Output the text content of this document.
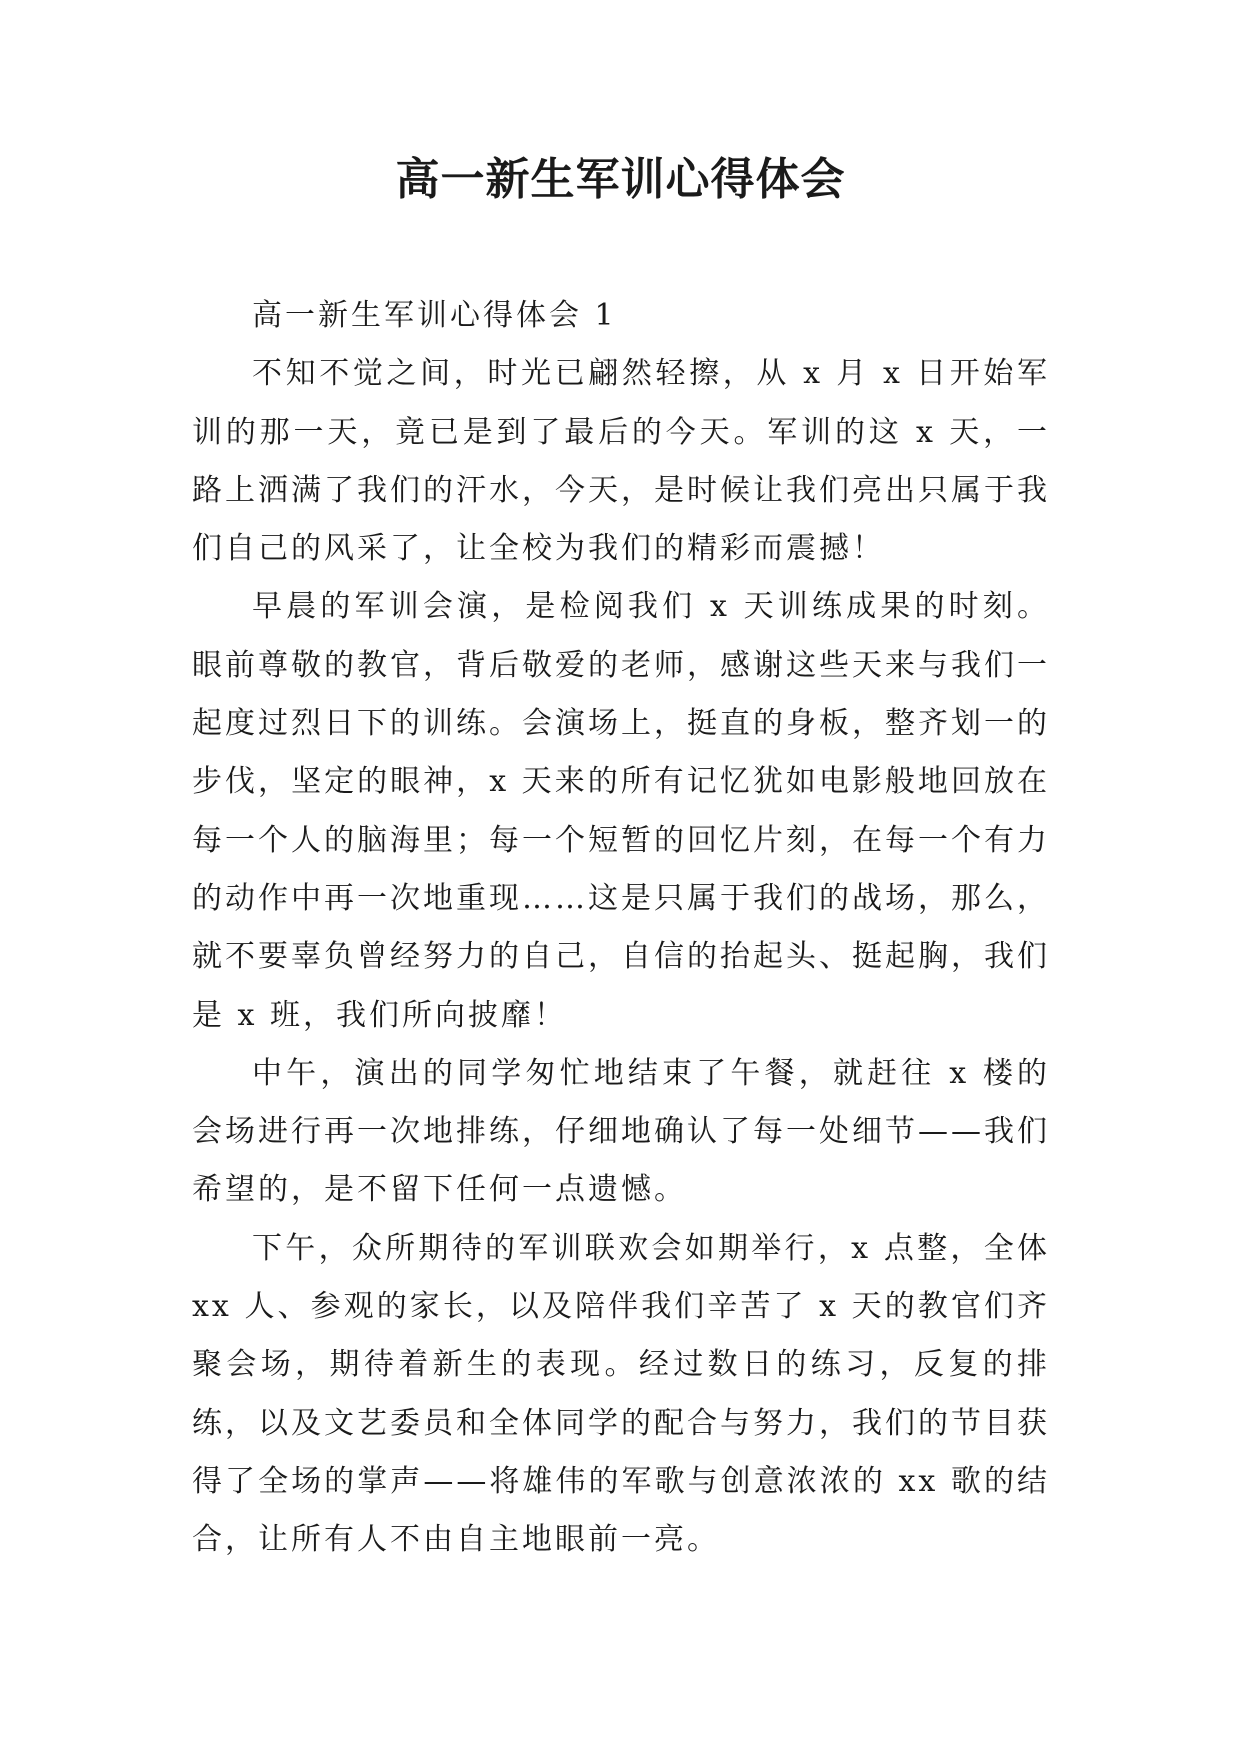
高一新生军训心得体会

高一新生军训心得体会 1

不知不觉之间，时光已翩然轻擦，从 x 月 x 日开始军训的那一天，竟已是到了最后的今天。军训的这 x 天，一路上洒满了我们的汗水，今天，是时候让我们亮出只属于我们自己的风采了，让全校为我们的精彩而震撼！

早晨的军训会演，是检阅我们 x 天训练成果的时刻。眼前尊敬的教官，背后敬爱的老师，感谢这些天来与我们一起度过烈日下的训练。会演场上，挺直的身板，整齐划一的步伐，坚定的眼神，x 天来的所有记忆犹如电影般地回放在每一个人的脑海里；每一个短暂的回忆片刻，在每一个有力的动作中再一次地重现……这是只属于我们的战场，那么，就不要辜负曾经努力的自己，自信的抬起头、挺起胸，我们是 x 班，我们所向披靡！

中午，演出的同学匆忙地结束了午餐，就赶往 x 楼的会场进行再一次地排练，仔细地确认了每一处细节——我们希望的，是不留下任何一点遗憾。

下午，众所期待的军训联欢会如期举行，x 点整，全体 xx 人、参观的家长，以及陪伴我们辛苦了 x 天的教官们齐聚会场，期待着新生的表现。经过数日的练习，反复的排练，以及文艺委员和全体同学的配合与努力，我们的节目获得了全场的掌声——将雄伟的军歌与创意浓浓的 xx 歌的结合，让所有人不由自主地眼前一亮。
